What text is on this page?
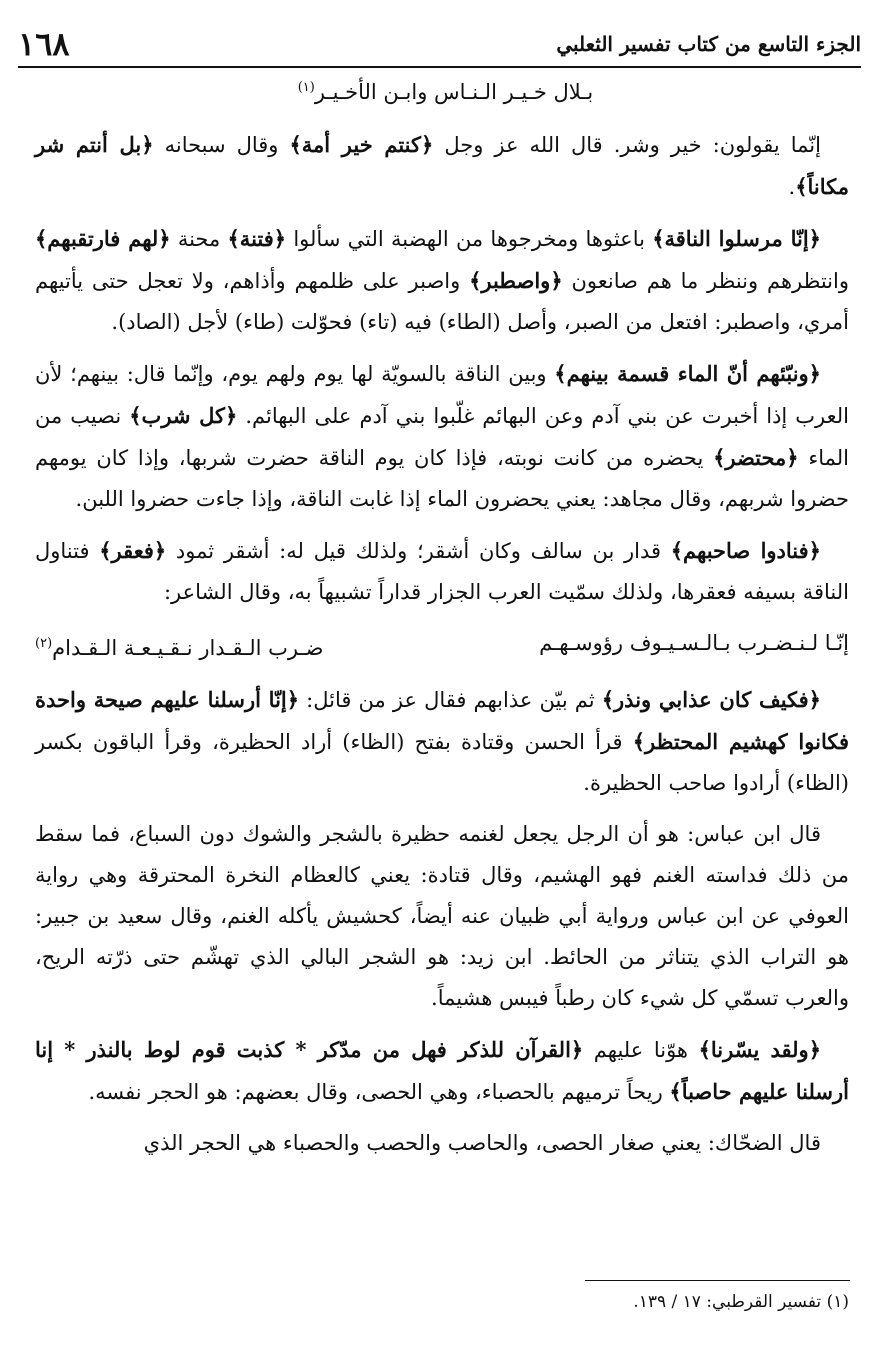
الجزء التاسع من كتاب تفسير الثعلبي
١٦٨
بـلال خـيـر الـنـاس وابـن الأخـيـر$^{(١)}$

إنّما يقولون: خير وشر. قال الله عز وجل ﴿كنتم خير أمة﴾ وقال سبحانه ﴿بل أنتم شر مكاناً﴾.

﴿إنّا مرسلوا الناقة﴾ باعثوها ومخرجوها من الهضبة التي سألوا ﴿فتنة﴾ محنة ﴿لهم فارتقبهم﴾ وانتظرهم وننظر ما هم صانعون ﴿واصطبر﴾ واصبر على ظلمهم وأذاهم، ولا تعجل حتى يأتيهم أمري، واصطبر: افتعل من الصبر، وأصل (الطاء) فيه (تاء) فحوّلت (طاء) لأجل (الصاد).

﴿ونبّئهم أنّ الماء قسمة بينهم﴾ وبين الناقة بالسويّة لها يوم ولهم يوم، وإنّما قال: بينهم؛ لأن العرب إذا أخبرت عن بني آدم وعن البهائم غلّبوا بني آدم على البهائم. ﴿كل شرب﴾ نصيب من الماء ﴿محتضر﴾ يحضره من كانت نوبته، فإذا كان يوم الناقة حضرت شربها، وإذا كان يومهم حضروا شربهم، وقال مجاهد: يعني يحضرون الماء إذا غابت الناقة، وإذا جاءت حضروا اللبن.

﴿فنادوا صاحبهم﴾ قدار بن سالف وكان أشقر؛ ولذلك قيل له: أشقر ثمود ﴿فعقر﴾ فتناول الناقة بسيفه فعقرها، ولذلك سمّيت العرب الجزار قداراً تشبيهاً به، وقال الشاعر:

إنّـا لـنـضـرب بـالـسـيـوف رؤوسـهـم
ضـرب الـقـدار نـقـيـعـة الـقـدام$^{(٢)}$

﴿فكيف كان عذابي ونذر﴾ ثم بيّن عذابهم فقال عز من قائل: ﴿إنّا أرسلنا عليهم صيحة واحدة فكانوا كهشيم المحتظر﴾ قرأ الحسن وقتادة بفتح (الظاء) أراد الحظيرة، وقرأ الباقون بكسر (الظاء) أرادوا صاحب الحظيرة.

قال ابن عباس: هو أن الرجل يجعل لغنمه حظيرة بالشجر والشوك دون السباع، فما سقط من ذلك فداسته الغنم فهو الهشيم، وقال قتادة: يعني كالعظام النخرة المحترقة وهي رواية العوفي عن ابن عباس ورواية أبي ظبيان عنه أيضاً، كحشيش يأكله الغنم، وقال سعيد بن جبير: هو التراب الذي يتناثر من الحائط. ابن زيد: هو الشجر البالي الذي تهشّم حتى ذرّته الريح، والعرب تسمّي كل شيء كان رطباً فيبس هشيماً.

﴿ولقد يسّرنا﴾ هوّنا عليهم ﴿القرآن للذكر فهل من مدّكر * كذبت قوم لوط بالنذر * إنا أرسلنا عليهم حاصباً﴾ ريحاً ترميهم بالحصباء، وهي الحصى، وقال بعضهم: هو الحجر نفسه.

قال الضحّاك: يعني صغار الحصى، والحاصب والحصب والحصباء هي الحجر الذي

(١) تفسير القرطبي: ١٧ / ١٣٩.
